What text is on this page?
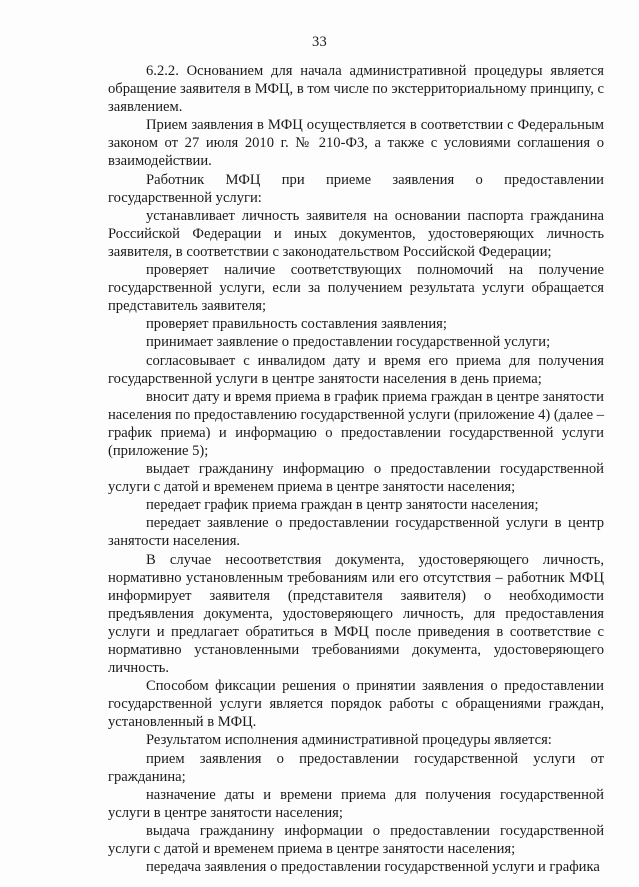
33

6.2.2. Основанием для начала административной процедуры является обращение заявителя в МФЦ, в том числе по экстерриториальному принципу, с заявлением.

Прием заявления в МФЦ осуществляется в соответствии с Федеральным законом от 27 июля 2010 г. № 210-ФЗ, а также с условиями соглашения о взаимодействии.

Работник МФЦ при приеме заявления о предоставлении государственной услуги:

устанавливает личность заявителя на основании паспорта гражданина Российской Федерации и иных документов, удостоверяющих личность заявителя, в соответствии с законодательством Российской Федерации;

проверяет наличие соответствующих полномочий на получение государственной услуги, если за получением результата услуги обращается представитель заявителя;

проверяет правильность составления заявления;

принимает заявление о предоставлении государственной услуги;

согласовывает с инвалидом дату и время его приема для получения государственной услуги в центре занятости населения в день приема;

вносит дату и время приема в график приема граждан в центре занятости населения по предоставлению государственной услуги (приложение 4) (далее – график приема) и информацию о предоставлении государственной услуги (приложение 5);

выдает гражданину информацию о предоставлении государственной услуги с датой и временем приема в центре занятости населения;

передает график приема граждан в центр занятости населения;

передает заявление о предоставлении государственной услуги в центр занятости населения.

В случае несоответствия документа, удостоверяющего личность, нормативно установленным требованиям или его отсутствия – работник МФЦ информирует заявителя (представителя заявителя) о необходимости предъявления документа, удостоверяющего личность, для предоставления услуги и предлагает обратиться в МФЦ после приведения в соответствие с нормативно установленными требованиями документа, удостоверяющего личность.

Способом фиксации решения о принятии заявления о предоставлении государственной услуги является порядок работы с обращениями граждан, установленный в МФЦ.

Результатом исполнения административной процедуры является:

прием заявления о предоставлении государственной услуги от гражданина;

назначение даты и времени приема для получения государственной услуги в центре занятости населения;

выдача гражданину информации о предоставлении государственной услуги с датой и временем приема в центре занятости населения;

передача заявления о предоставлении государственной услуги и графика
